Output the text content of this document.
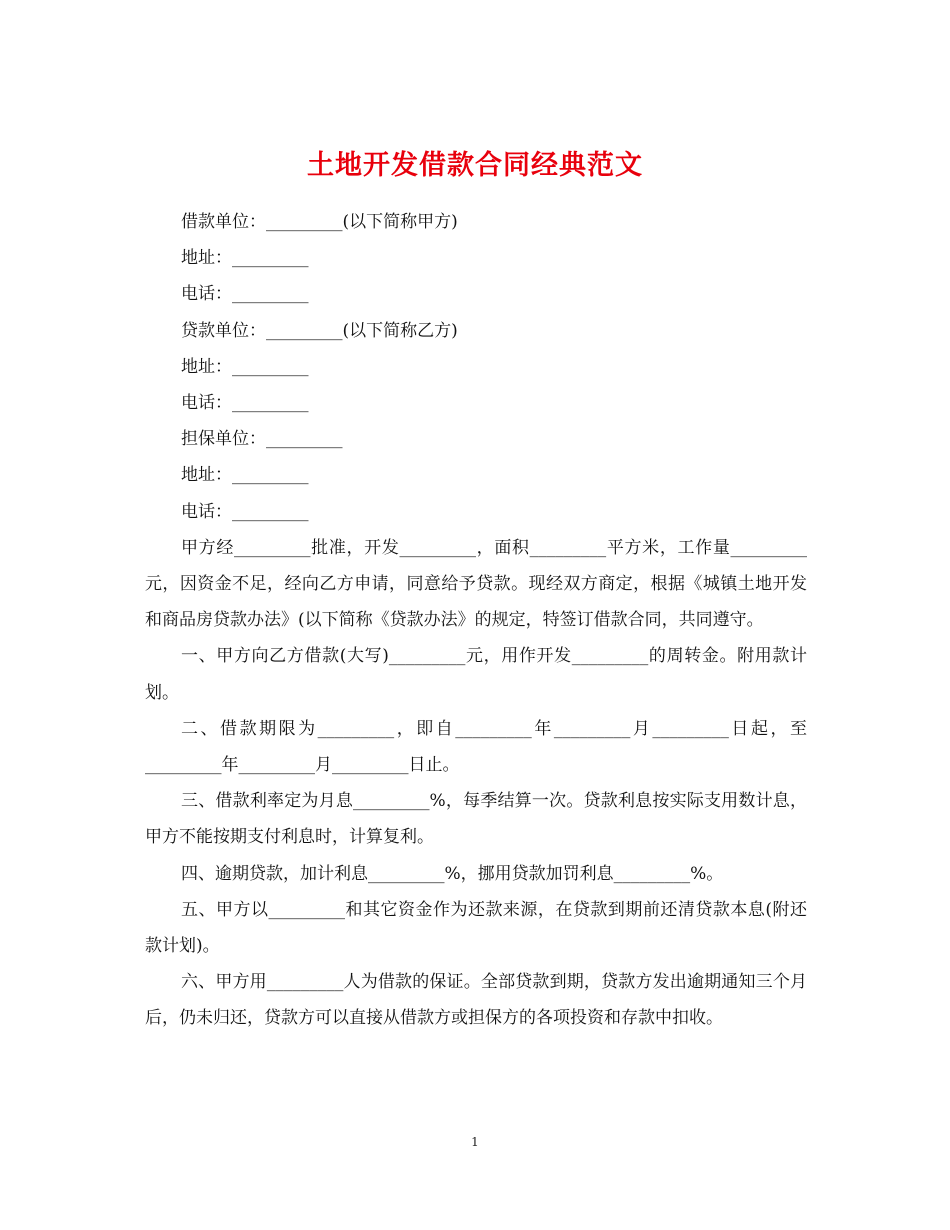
土地开发借款合同经典范文

借款单位：_________(以下简称甲方)

地址：_________

电话：_________

贷款单位：_________(以下简称乙方)

地址：_________

电话：_________

担保单位：_________

地址：_________

电话：_________

甲方经_________批准，开发_________，面积_________平方米，工作量_________元，因资金不足，经向乙方申请，同意给予贷款。现经双方商定，根据《城镇土地开发和商品房贷款办法》(以下简称《贷款办法》的规定，特签订借款合同，共同遵守。

一、甲方向乙方借款(大写)_________元，用作开发_________的周转金。附用款计划。

二、借款期限为_________，即自_________年_________月_________日起，至_________年_________月_________日止。

三、借款利率定为月息_________%，每季结算一次。贷款利息按实际支用数计息，甲方不能按期支付利息时，计算复利。

四、逾期贷款，加计利息_________%，挪用贷款加罚利息_________%。

五、甲方以_________和其它资金作为还款来源，在贷款到期前还清贷款本息(附还款计划)。

六、甲方用_________人为借款的保证。全部贷款到期，贷款方发出逾期通知三个月后，仍未归还，贷款方可以直接从借款方或担保方的各项投资和存款中扣收。

1
